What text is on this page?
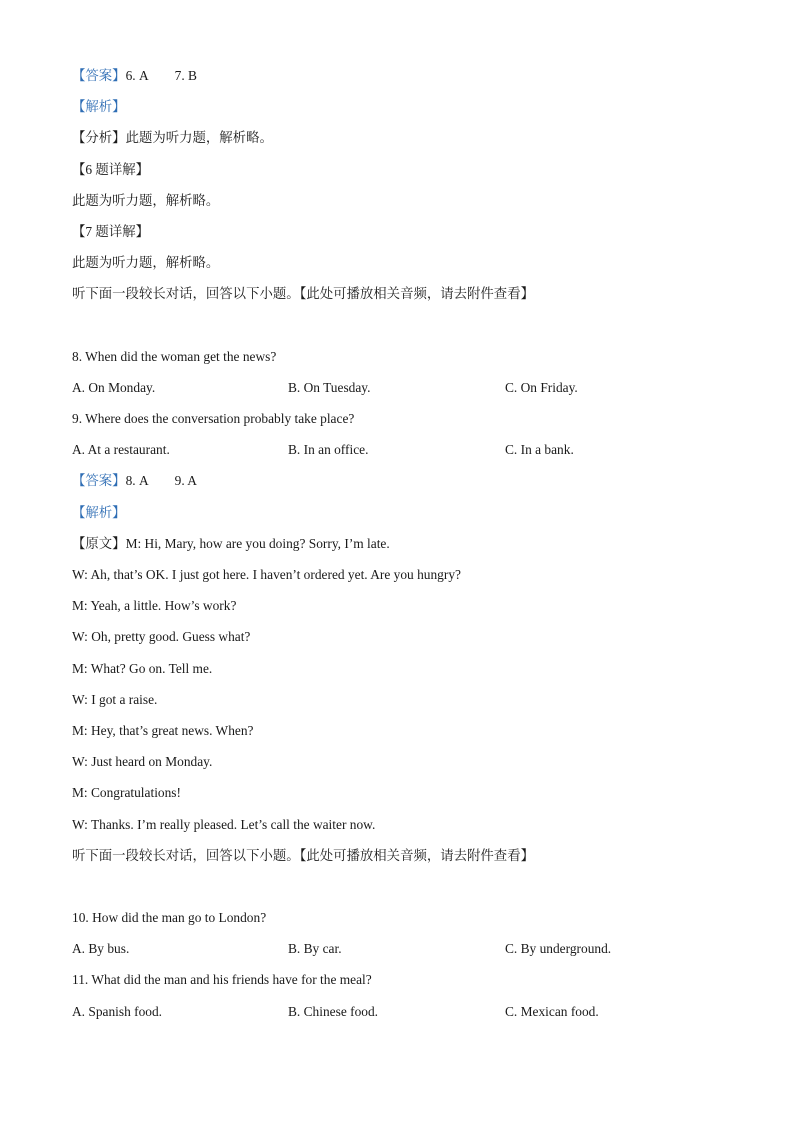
【答案】6. A 7. B
【解析】
【分析】此题为听力题，解析略。
【6 题详解】
此题为听力题，解析略。
【7 题详解】
此题为听力题，解析略。
听下面一段较长对话，回答以下小题。【此处可播放相关音频，请去附件查看】
8. When did the woman get the news?
A. On Monday.	B. On Tuesday.	C. On Friday.
9. Where does the conversation probably take place?
A. At a restaurant.	B. In an office.	C. In a bank.
【答案】8. A 9. A
【解析】
【原文】M: Hi, Mary, how are you doing? Sorry, I’m late.
W: Ah, that’s OK. I just got here. I haven’t ordered yet. Are you hungry?
M: Yeah, a little. How’s work?
W: Oh, pretty good. Guess what?
M: What? Go on. Tell me.
W: I got a raise.
M: Hey, that’s great news. When?
W: Just heard on Monday.
M: Congratulations!
W: Thanks. I’m really pleased. Let’s call the waiter now.
听下面一段较长对话，回答以下小题。【此处可播放相关音频，请去附件查看】
10. How did the man go to London?
A. By bus.	B. By car.	C. By underground.
11. What did the man and his friends have for the meal?
A. Spanish food.	B. Chinese food.	C. Mexican food.
